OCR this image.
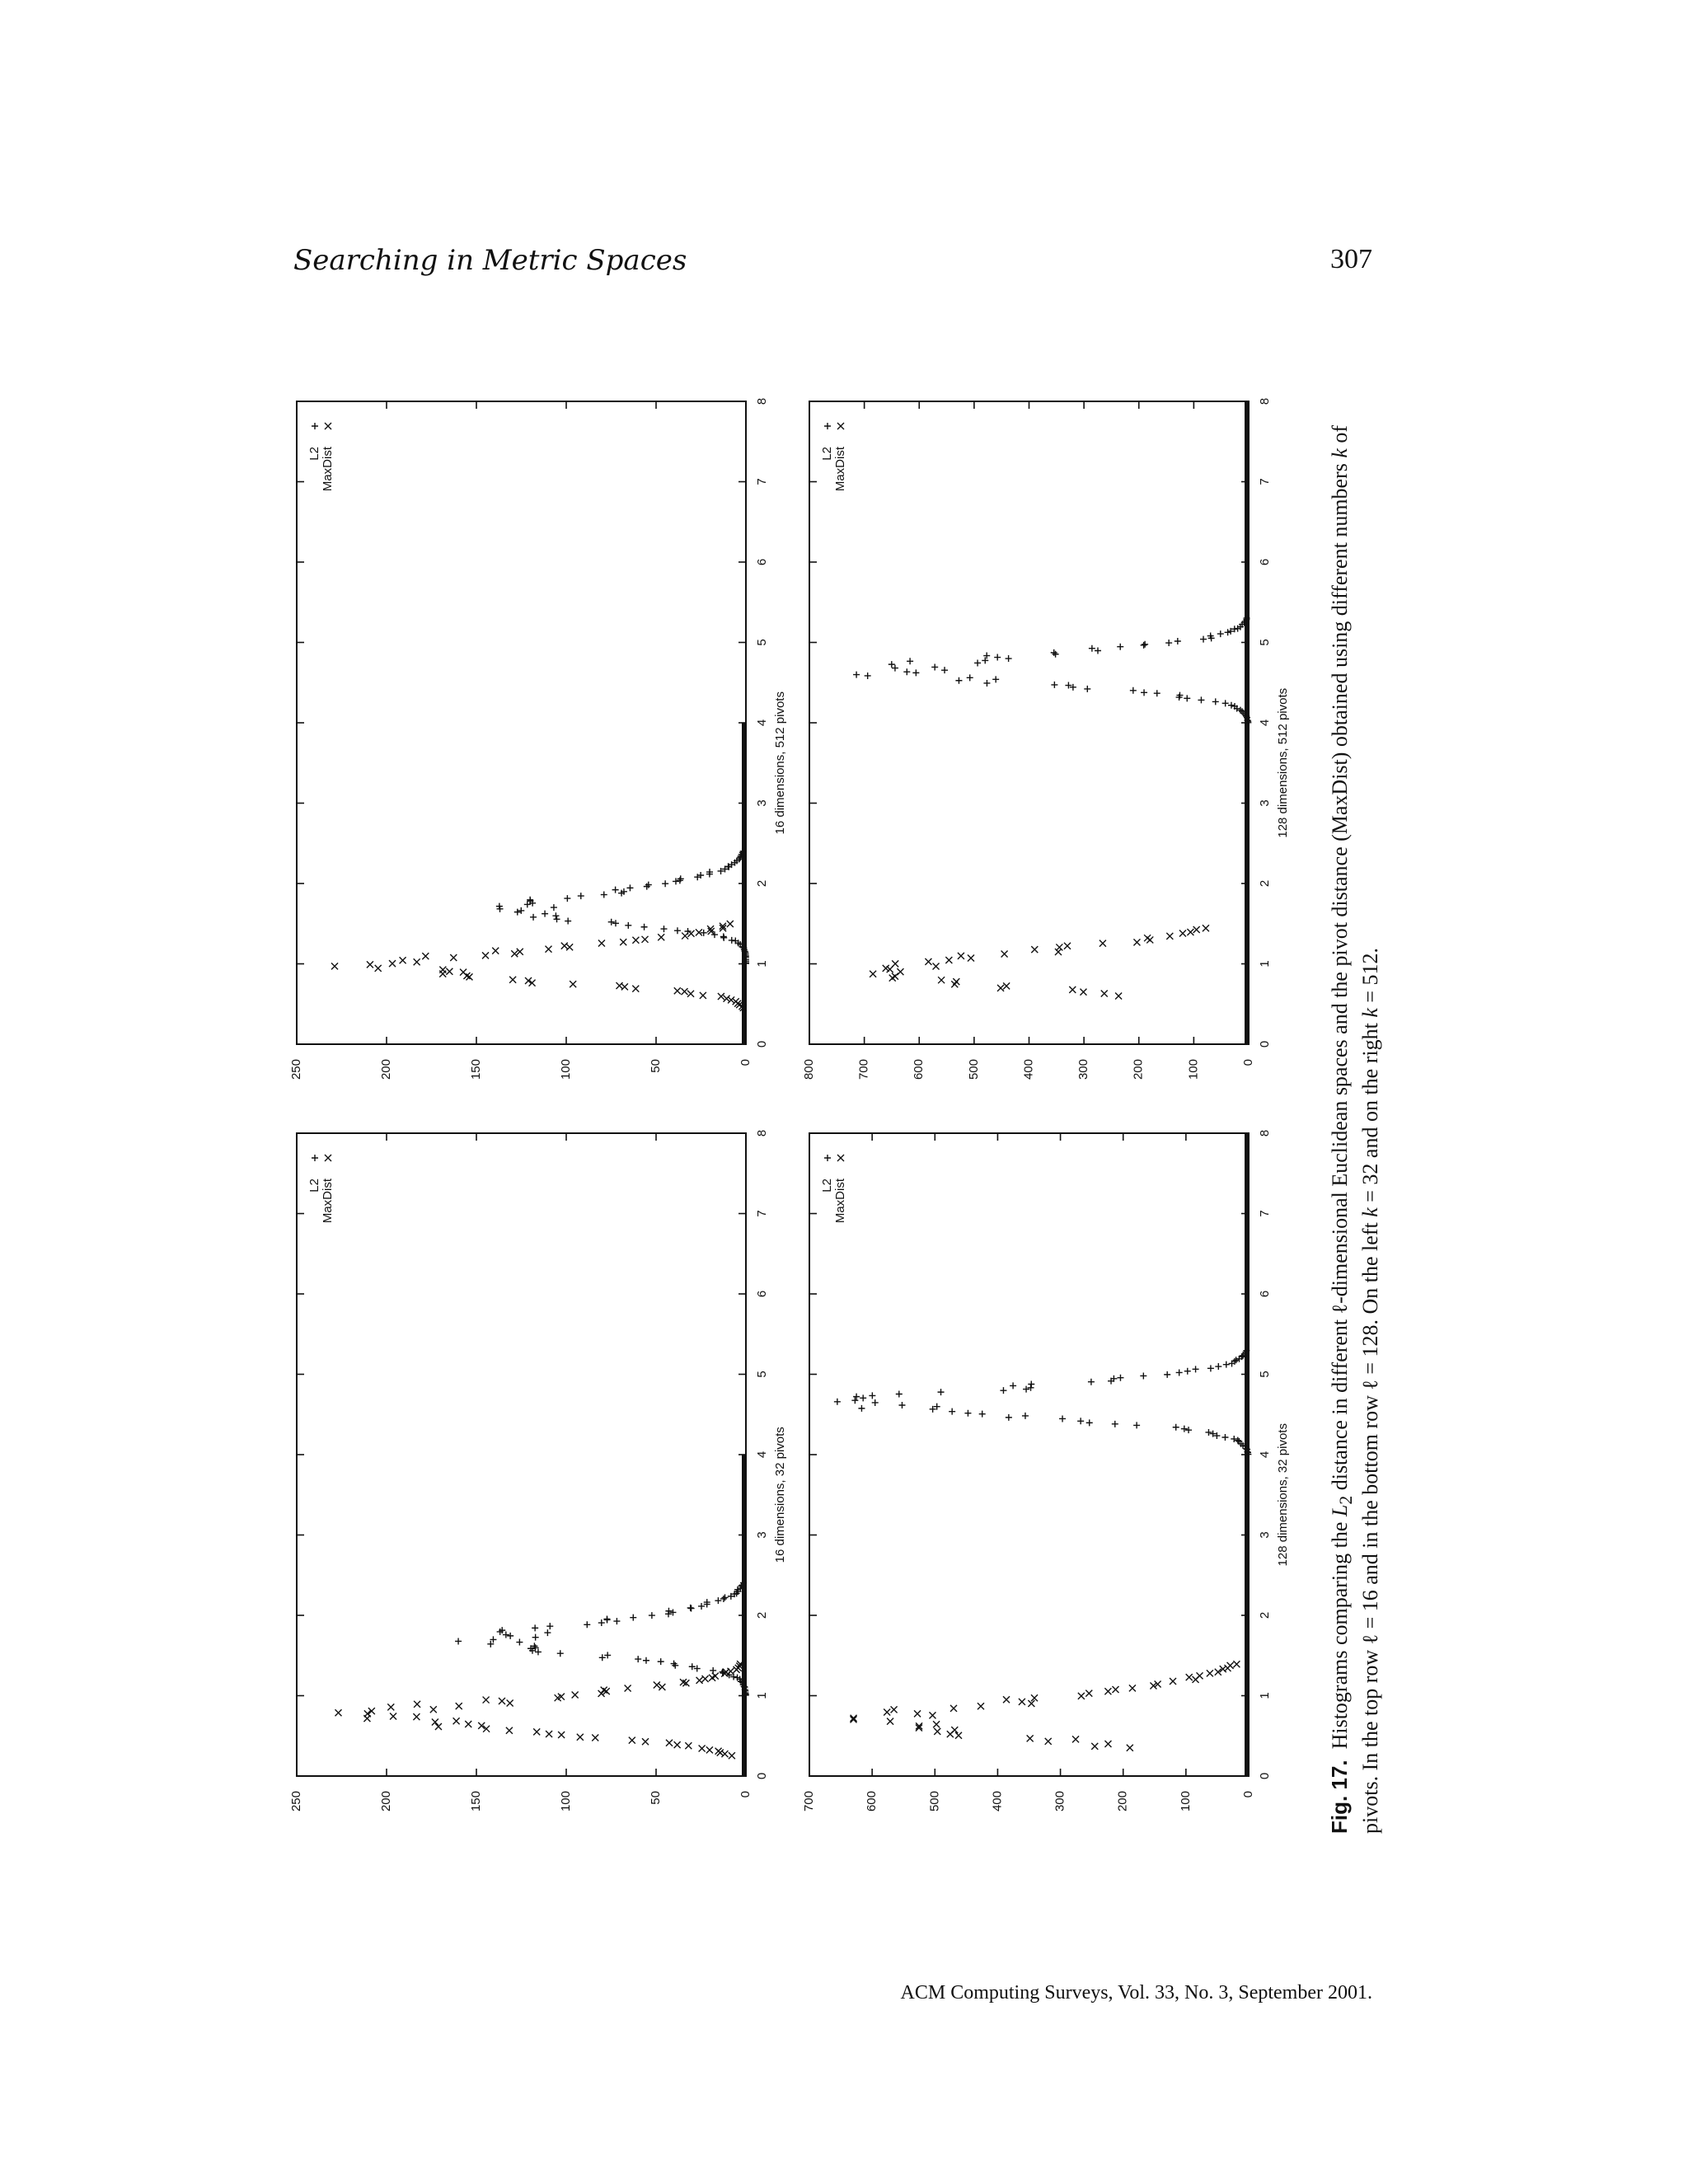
Searching in Metric Spaces	307
0
1
2
3
4
5
6
7
8
0
50
100
150
200
250
16 dimensions, 32 pivots
L2 MaxDist
0
1
2
3
4
5
6
7
8
0
50
100
150
200
250
16 dimensions, 512 pivots
L2 MaxDist
0
1
2
3
4
5
6
7
8
0
100
200
300
400
500
600
700
128 dimensions, 32 pivots
L2 MaxDist
0
1
2
3
4
5
6
7
8
0
100
200
300
400
500
600
700
800
128 dimensions, 512 pivots
L2 MaxDist
Fig. 17.  Histograms comparing the $L_2$ distance in different ℓ-dimensional Euclidean spaces and the pivot distance (MaxDist) obtained using different numbers k of pivots. In the top row ℓ = 16 and in the bottom row ℓ = 128. On the left k = 32 and on the right k = 512.
ACM Computing Surveys, Vol. 33, No. 3, September 2001.
